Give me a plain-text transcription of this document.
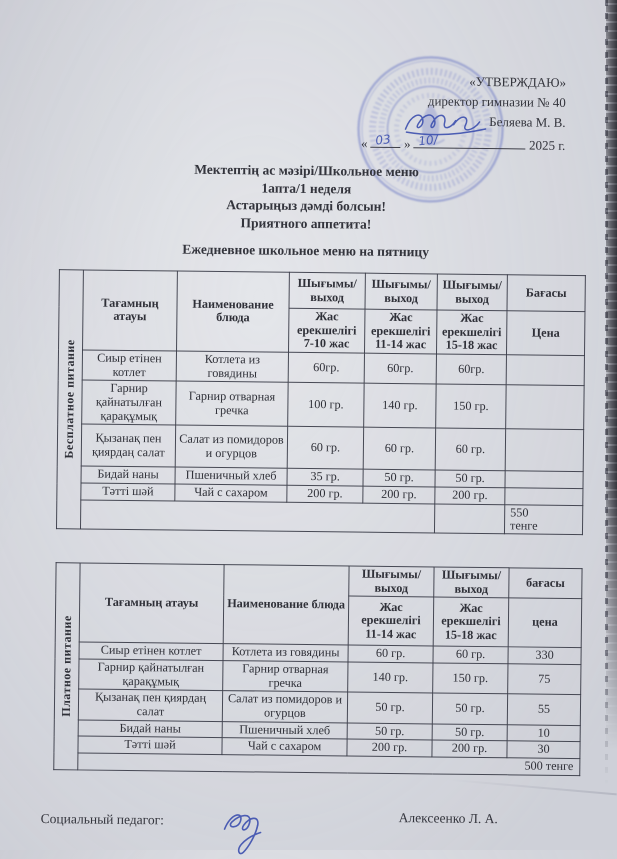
«УТВЕРЖДАЮ»
директор гимназии № 40
Беляева М. В.
« 03 » 10/	2025 г.
Мектептің ас мәзірі/Школьное меню
1апта/1 неделя
Астарыңыз дәмді болсын!
Приятного аппетита!
Ежедневное школьное меню на пятницу
Бесплатное питание	Тағамның атауы	Наименование блюда	Шығымы/выход	Шығымы/выход	Шығымы/выход	Бағасы
			Жас ерекшелігі 7-10 жас	Жас ерекшелігі 11-14 жас	Жас ерекшелігі 15-18 жас	Цена
	Сиыр етінен котлет	Котлета из говядины	60гр.	60гр.	60гр.	
	Гарнир қайнатылған қарақұмық	Гарнир отварная гречка	100 гр.	140 гр.	150 гр.	
	Қызанақ пен қиярдаң салат	Салат из помидоров и огурцов	60 гр.	60 гр.	60 гр.	
	Бидай наны	Пшеничный хлеб	35 гр.	50 гр.	50 гр.	
	Тәтті шәй	Чай с сахаром	200 гр.	200 гр.	200 гр.	
						550
тенге
Платное питание	Тағамның атауы	Наименование блюда	Шығымы/выход	Шығымы/выход	бағасы
			Жас ерекшелігі 11-14 жас	Жас ерекшелігі 15-18 жас	цена
	Сиыр етінен котлет	Котлета из говядины	60 гр.	60 гр.	330
	Гарнир қайнатылған қарақұмық	Гарнир отварная гречка	140 гр.	150 гр.	75
	Қызанақ пен қиярдаң салат	Салат из помидоров и огурцов	50 гр.	50 гр.	55
	Бидай наны	Пшеничный хлеб	50 гр.	50 гр.	10
	Тәтті шәй	Чай с сахаром	200 гр.	200 гр.	30
	500 тенге				
Социальный педагог:	Алексеенко Л. А.
